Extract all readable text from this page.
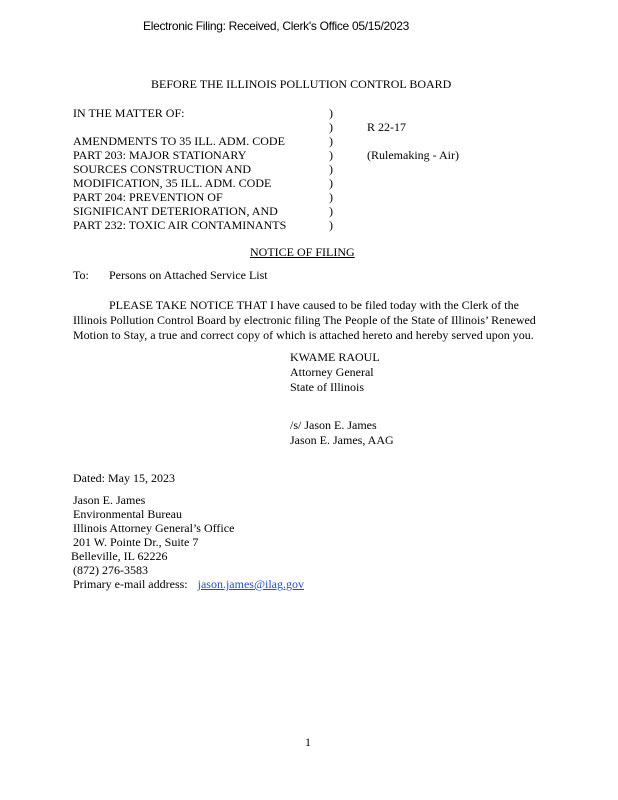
Electronic Filing: Received, Clerk's Office 05/15/2023
BEFORE THE ILLINOIS POLLUTION CONTROL BOARD
IN THE MATTER OF:
AMENDMENTS TO 35 ILL. ADM. CODE
PART 203: MAJOR STATIONARY
SOURCES CONSTRUCTION AND
MODIFICATION, 35 ILL. ADM. CODE
PART 204: PREVENTION OF
SIGNIFICANT DETERIORATION, AND
PART 232: TOXIC AIR CONTAMINANTS
)
)
)
)
)
)
)
)
)
R 22-17
(Rulemaking - Air)
NOTICE OF FILING
To: Persons on Attached Service List
PLEASE TAKE NOTICE THAT I have caused to be filed today with the Clerk of the
Illinois Pollution Control Board by electronic filing The People of the State of Illinois’ Renewed
Motion to Stay, a true and correct copy of which is attached hereto and hereby served upon you.
KWAME RAOUL
Attorney General
State of Illinois
/s/ Jason E. James
Jason E. James, AAG
Dated: May 15, 2023
Jason E. James
Environmental Bureau
Illinois Attorney General’s Office
201 W. Pointe Dr., Suite 7
Belleville, IL 62226
(872) 276-3583
Primary e-mail address: jason.james@ilag.gov
1
